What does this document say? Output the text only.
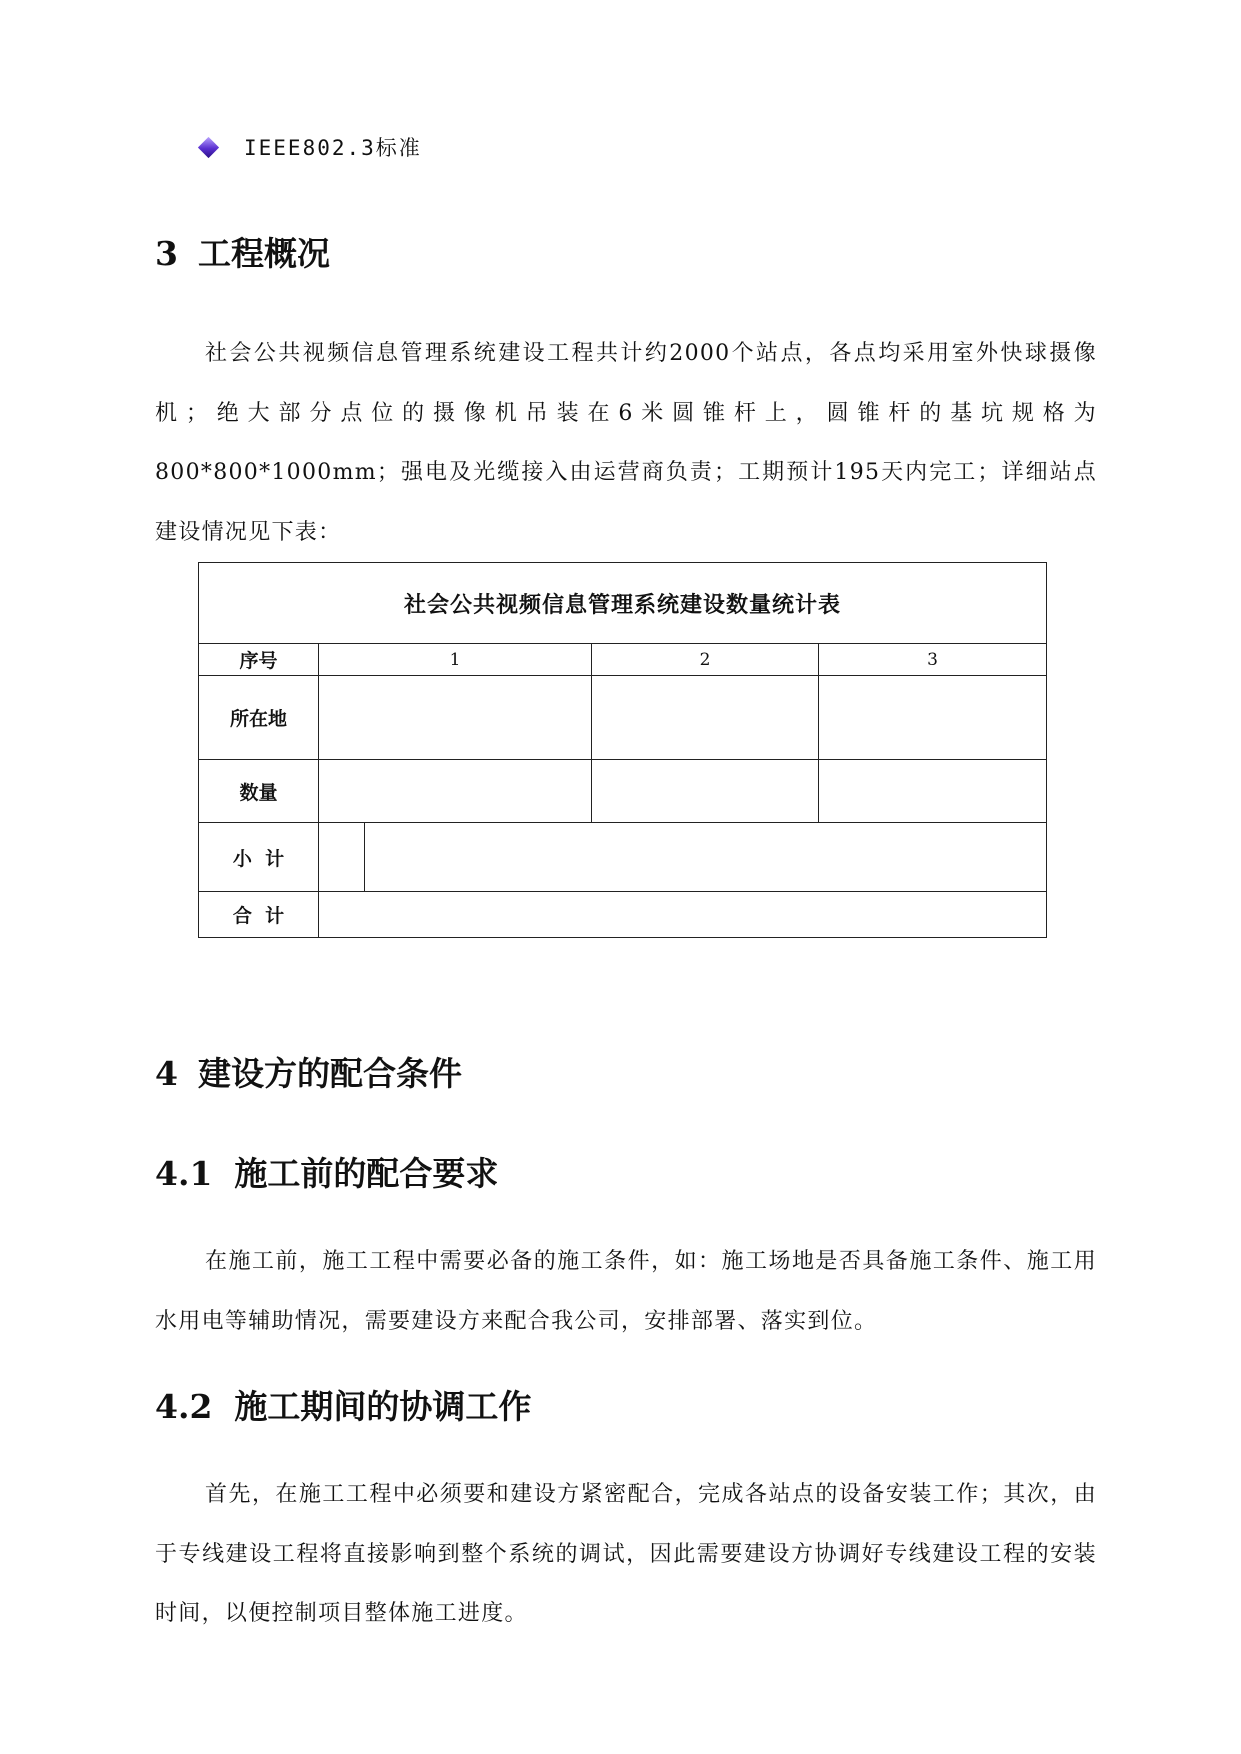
IEEE802.3标准
3 工程概况
社会公共视频信息管理系统建设工程共计约2000个站点，各点均采用室外快球摄像机；绝大部分点位的摄像机吊装在6米圆锥杆上，圆锥杆的基坑规格为800*800*1000mm；强电及光缆接入由运营商负责；工期预计195天内完工；详细站点建设情况见下表：
社会公共视频信息管理系统建设数量统计表				
序号	1		2	3
所在地				
数量				
小  计				
合  计				
4 建设方的配合条件
4.1 施工前的配合要求
在施工前，施工工程中需要必备的施工条件，如：施工场地是否具备施工条件、施工用水用电等辅助情况，需要建设方来配合我公司，安排部署、落实到位。
4.2 施工期间的协调工作
首先，在施工工程中必须要和建设方紧密配合，完成各站点的设备安装工作；其次，由于专线建设工程将直接影响到整个系统的调试，因此需要建设方协调好专线建设工程的安装时间，以便控制项目整体施工进度。
